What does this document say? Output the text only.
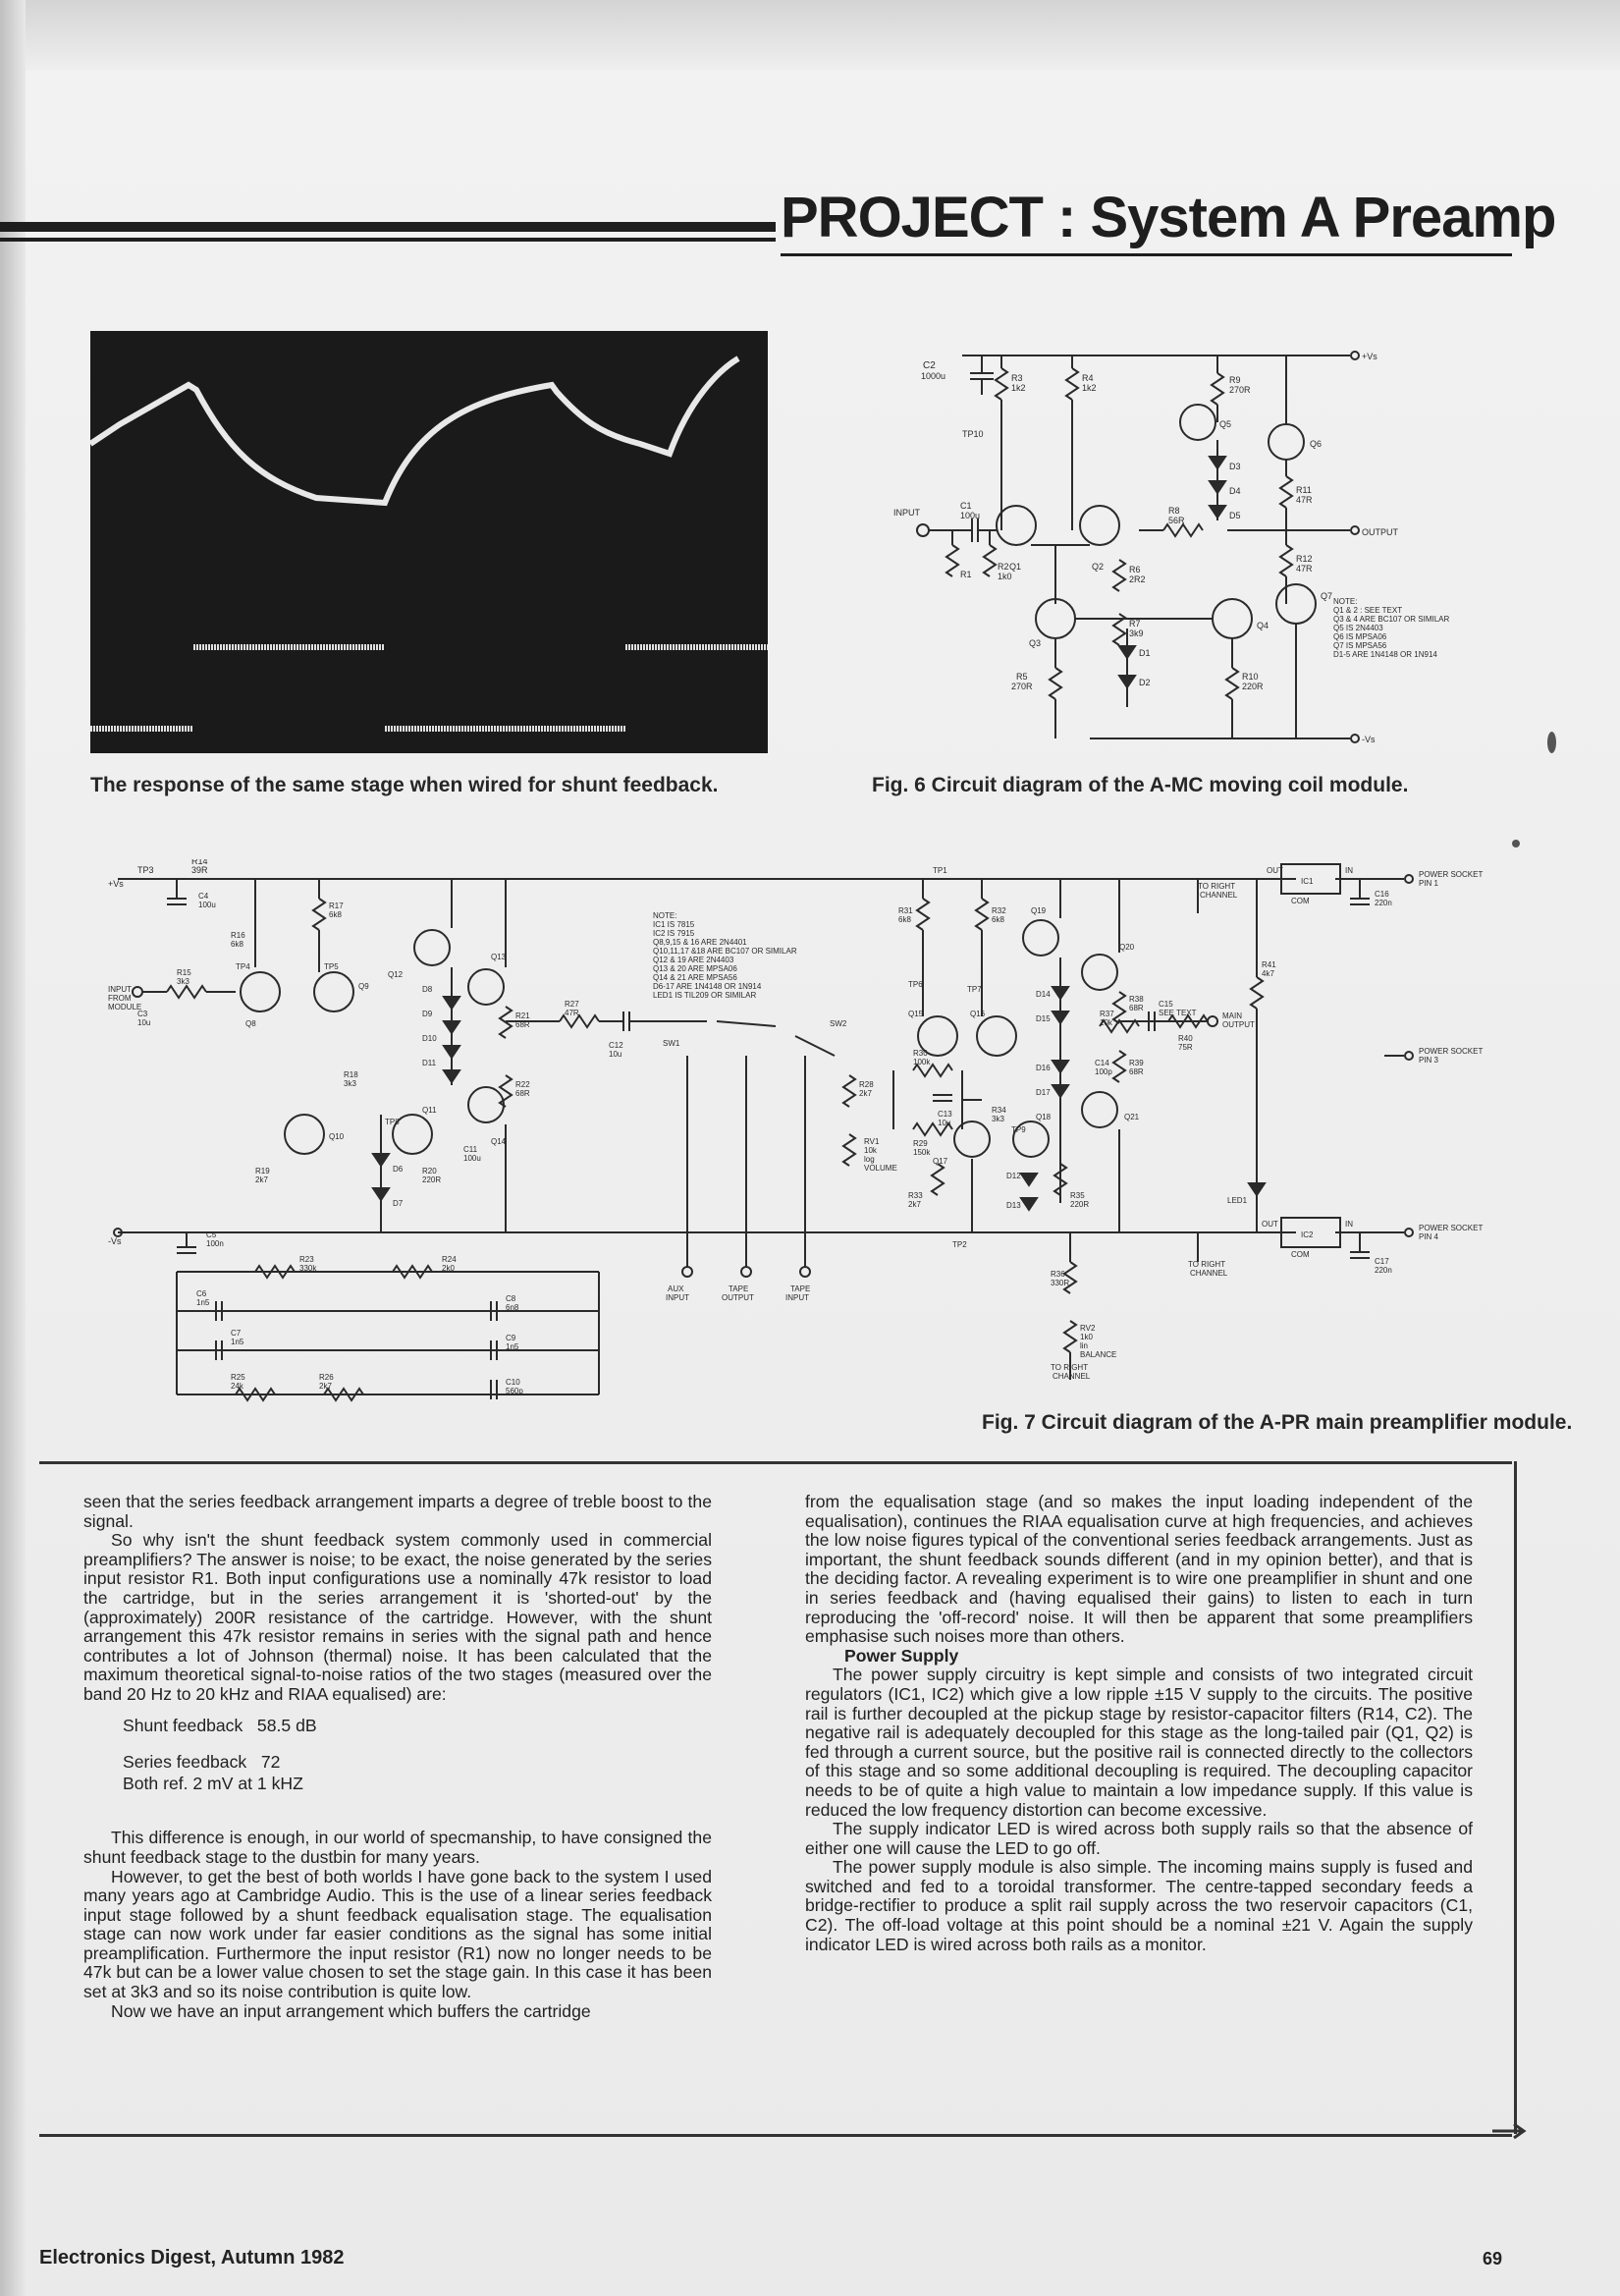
PROJECT : System A Preamp
The response of the same stage when wired for shunt feedback.
C2
1000u	R3
1k2
R4
1k2
R9
270R
TP10
Q5
Q6
D3
D4
D5
R11
47R
INPUT
C1
100u
Q1	Q2
R1
R2
1k0
R8
56R
R6
2R2
OUTPUT
R12
47R
R7
3k9
Q7
Q3
Q4
D1
D2
R5
270R
R10
220R
+Vs
-Vs
NOTE:
Q1 & 2 : SEE TEXT
Q3 & 4 ARE BC107 OR SIMILAR
Q5 IS 2N4403
Q6 IS MPSA06
Q7 IS MPSA56
D1-5 ARE 1N4148 OR 1N914
Fig. 6 Circuit diagram of the A-MC moving coil module.
TP3
R14
39R
+Vs
C4
100u	R17
6k8
R16
6k8
TP4	TP5
Q8
Q9
R15
3k3
INPUT
FROM
MODULE
C3
10u
Q12
Q13
D8
D9
D10
D11
R21
68R
R22
68R
R18
3k3
Q10
Q11
Q14
TP8
D6
D7
R19
2k7
R20
220R
C11
100u
C5
100n
-Vs
R23
330k
R24
2k0
C6
1n5
C7
1n5
C8
6n8
C9
1n5
R25
24k
R26
2k7	C10
560p
NOTE:
IC1 IS 7815
IC2 IS 7915
Q8,9,15 & 16 ARE 2N4401
Q10,11,17 &18 ARE BC107 OR SIMILAR
Q12 & 19 ARE 2N4403
Q13 & 20 ARE MPSA06
Q14 & 21 ARE MPSA56
D6-17 ARE 1N4148 OR 1N914
LED1 IS TIL209 OR SIMILAR
R27
47R
C12
10u
SW1
SW2
R28
2k7
R30
100k
C13
10u
RV1
10k
log
VOLUME
R29
150k
AUX
INPUT
TAPE
OUTPUT
TAPE
INPUT
TP1
TP2
TP6
TP7
TP9
R31
6k8
R32
6k8
Q19
Q20
Q15	Q16
Q17
Q18	Q21
D14
D15
D16
D17
D12
D13
R38
68R
R37
10k
C15
SEE TEXT
R40
75R
MAIN
OUTPUT
R39
68R
C14
100p
R34
3k3
R33
2k7
R35
220R
R36
330R
RV2
1k0
lin
BALANCE
TO RIGHT
CHANNEL
TO RIGHT
CHANNEL
TO RIGHT
CHANNEL
R41
4k7
LED1
IC1
IC2
OUT	IN
COM
OUT	IN
COM
C16
220n
C17
220n
POWER SOCKET
PIN 1
POWER SOCKET
PIN 3
POWER SOCKET
PIN 4
Fig. 7 Circuit diagram of the A-PR main preamplifier module.

seen that the series feedback arrangement imparts a degree of treble boost to the signal.

So why isn't the shunt feedback system commonly used in commercial preamplifiers? The answer is noise; to be exact, the noise generated by the series input resistor R1. Both input configurations use a nominally 47k resistor to load the cartridge, but in the series arrangement it is 'shorted-out' by the (approximately) 200R resistance of the cartridge. However, with the shunt arrangement this 47k resistor remains in series with the signal path and hence contributes a lot of Johnson (thermal) noise. It has been calculated that the maximum theoretical signal-to-noise ratios of the two stages (measured over the band 20 Hz to 20 kHz and RIAA equalised) are:

Shunt feedback   58.5 dB

Series feedback   72

Both ref. 2 mV at 1 kHZ

This difference is enough, in our world of specmanship, to have consigned the shunt feedback stage to the dustbin for many years.

However, to get the best of both worlds I have gone back to the system I used many years ago at Cambridge Audio. This is the use of a linear series feedback input stage followed by a shunt feedback equalisation stage. The equalisation stage can now work under far easier conditions as the signal has some initial preamplification. Furthermore the input resistor (R1) now no longer needs to be 47k but can be a lower value chosen to set the stage gain. In this case it has been set at 3k3 and so its noise contribution is quite low.

Now we have an input arrangement which buffers the cartridge

from the equalisation stage (and so makes the input loading independent of the equalisation), continues the RIAA equalisation curve at high frequencies, and achieves the low noise figures typical of the conventional series feedback arrangements. Just as important, the shunt feedback sounds different (and in my opinion better), and that is the deciding factor. A revealing experiment is to wire one preamplifier in shunt and one in series feedback and (having equalised their gains) to listen to each in turn reproducing the 'off-record' noise. It will then be apparent that some preamplifiers emphasise such noises more than others.

Power Supply

The power supply circuitry is kept simple and consists of two integrated circuit regulators (IC1, IC2) which give a low ripple ±15 V supply to the circuits. The positive rail is further decoupled at the pickup stage by resistor-capacitor filters (R14, C2). The negative rail is adequately decoupled for this stage as the long-tailed pair (Q1, Q2) is fed through a current source, but the positive rail is connected directly to the collectors of this stage and so some additional decoupling is required. The decoupling capacitor needs to be of quite a high value to maintain a low impedance supply. If this value is reduced the low frequency distortion can become excessive.

The supply indicator LED is wired across both supply rails so that the absence of either one will cause the LED to go off.

The power supply module is also simple. The incoming mains supply is fused and switched and fed to a toroidal transformer. The centre-tapped secondary feeds a bridge-rectifier to produce a split rail supply across the two reservoir capacitors (C1, C2). The off-load voltage at this point should be a nominal ±21 V. Again the supply indicator LED is wired across both rails as a monitor.

Electronics Digest, Autumn 1982	69
